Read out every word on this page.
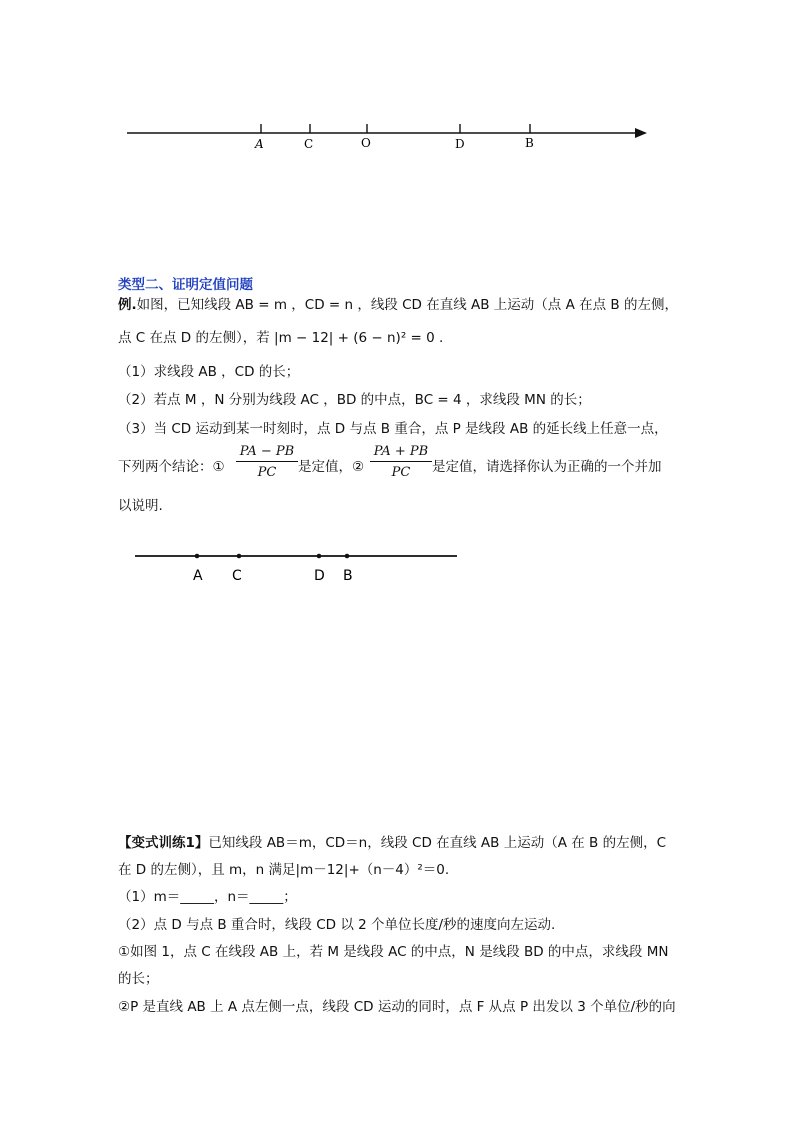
A	C	O	D	B
类型二、证明定值问题
例.如图，已知线段 AB = m ，CD = n ，线段 CD 在直线 AB 上运动（点 A 在点 B 的左侧，
点 C 在点 D 的左侧），若 |m − 12| + (6 − n)² = 0 .
（1）求线段 AB ，CD 的长；
（2）若点 M ，N 分别为线段 AC ，BD 的中点，BC = 4 ，求线段 MN 的长；
（3）当 CD 运动到某一时刻时，点 D 与点 B 重合，点 P 是线段 AB 的延长线上任意一点，
下列两个结论：① $\frac{PA - PB}{PC}$ 是定值，② $\frac{PA + PB}{PC}$ 是定值，请选择你认为正确的一个并加
以说明.
A C	D B
【变式训练1】已知线段 AB＝m，CD＝n，线段 CD 在直线 AB 上运动（A 在 B 的左侧，C
在 D 的左侧），且 m，n 满足|m－12|+（n－4）²＝0.
（1）m＝_____，n＝_____；
（2）点 D 与点 B 重合时，线段 CD 以 2 个单位长度/秒的速度向左运动.
①如图 1，点 C 在线段 AB 上，若 M 是线段 AC 的中点，N 是线段 BD 的中点，求线段 MN
的长；
②P 是直线 AB 上 A 点左侧一点，线段 CD 运动的同时，点 F 从点 P 出发以 3 个单位/秒的向
